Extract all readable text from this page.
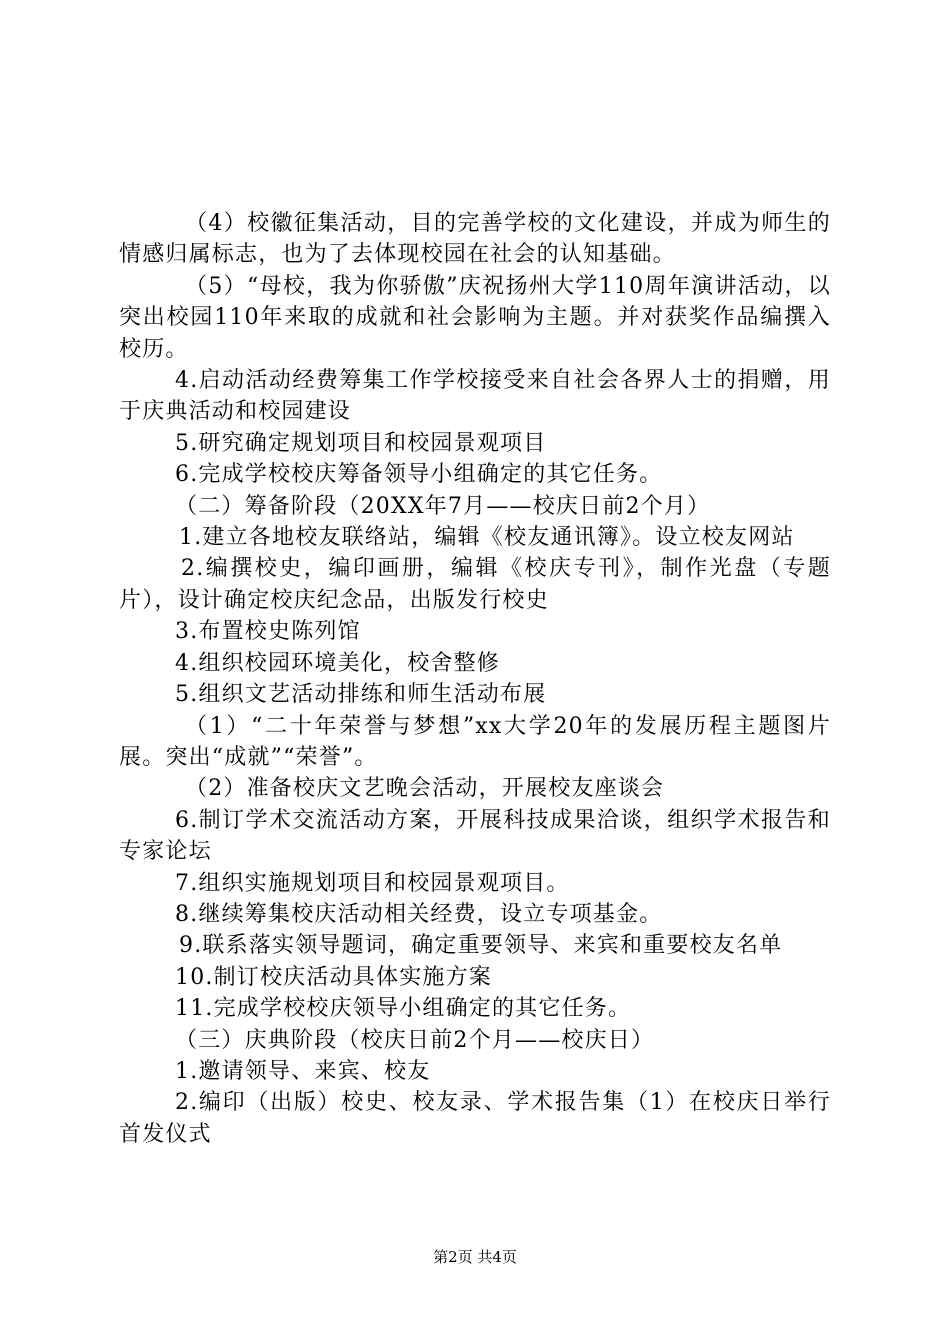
（4）校徽征集活动，目的完善学校的文化建设，并成为师生的情感归属标志，也为了去体现校园在社会的认知基础。

（5）“母校，我为你骄傲”庆祝扬州大学110周年演讲活动，以突出校园110年来取的成就和社会影响为主题。并对获奖作品编撰入校历。

4.启动活动经费筹集工作学校接受来自社会各界人士的捐赠，用于庆典活动和校园建设

5.研究确定规划项目和校园景观项目

6.完成学校校庆筹备领导小组确定的其它任务。

（二）筹备阶段（20XX年7月——校庆日前2个月）

1.建立各地校友联络站，编辑《校友通讯簿》。设立校友网站

2.编撰校史，编印画册，编辑《校庆专刊》，制作光盘（专题片），设计确定校庆纪念品，出版发行校史

3.布置校史陈列馆

4.组织校园环境美化，校舍整修

5.组织文艺活动排练和师生活动布展

（1）“二十年荣誉与梦想”xx大学20年的发展历程主题图片展。突出“成就”“荣誉”。

（2）准备校庆文艺晚会活动，开展校友座谈会

6.制订学术交流活动方案，开展科技成果洽谈，组织学术报告和专家论坛

7.组织实施规划项目和校园景观项目。

8.继续筹集校庆活动相关经费，设立专项基金。

9.联系落实领导题词，确定重要领导、来宾和重要校友名单

10.制订校庆活动具体实施方案

11.完成学校校庆领导小组确定的其它任务。

（三）庆典阶段（校庆日前2个月——校庆日）

1.邀请领导、来宾、校友

2.编印（出版）校史、校友录、学术报告集（1）在校庆日举行首发仪式

第2页 共4页
